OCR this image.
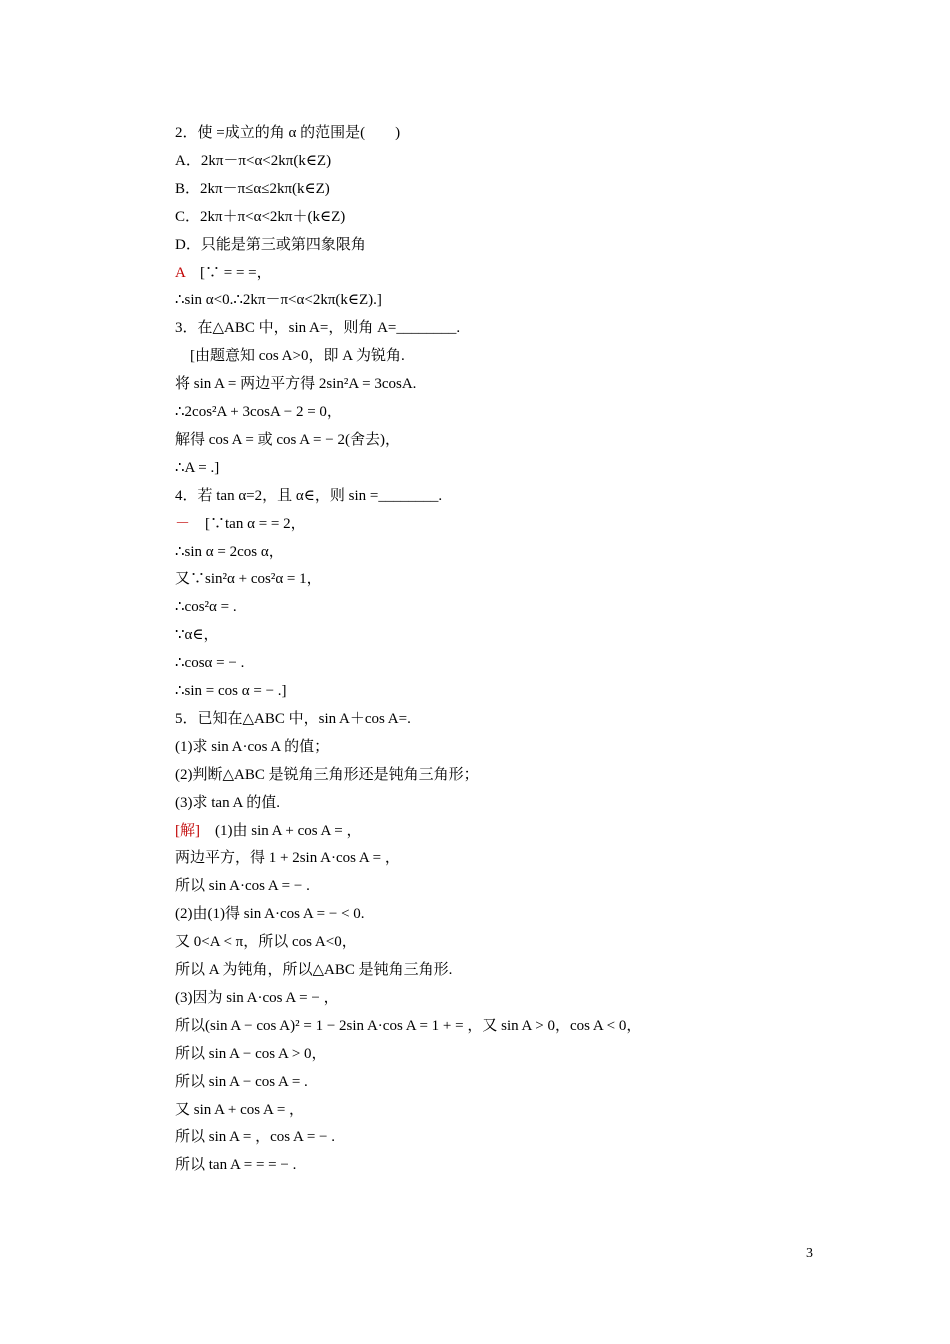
2．使 =成立的角 α 的范围是(　　)
A．2kπ－π<α<2kπ(k∈Z)
B．2kπ－π≤α≤2kπ(k∈Z)
C．2kπ＋π<α<2kπ＋(k∈Z)
D．只能是第三或第四象限角
A　[∵ = = =，
∴sin α<0.∴2kπ－π<α<2kπ(k∈Z).]
3．在△ABC 中，sin A=，则角 A=________.
　[由题意知 cos A>0，即 A 为锐角.
将 sin A = 两边平方得 2sin²A = 3cosA.
∴2cos²A + 3cosA − 2 = 0，
解得 cos A = 或 cos A = − 2(舍去)，
∴A = .]
4．若 tan α=2，且 α∈，则 sin =________.
－　[∵tan α = = 2，
∴sin α = 2cos α，
又∵sin²α + cos²α = 1，
∴cos²α = .
∵α∈，
∴cosα = − .
∴sin = cos α = − .]
5．已知在△ABC 中，sin A＋cos A=.
(1)求 sin A·cos A 的值；
(2)判断△ABC 是锐角三角形还是钝角三角形；
(3)求 tan A 的值.
[解]　(1)由 sin A + cos A = ，
两边平方，得 1 + 2sin A·cos A = ，
所以 sin A·cos A = − .
(2)由(1)得 sin A·cos A = − < 0.
又 0<A < π，所以 cos A<0，
所以 A 为钝角，所以△ABC 是钝角三角形.
(3)因为 sin A·cos A = − ，
所以(sin A − cos A)² = 1 − 2sin A·cos A = 1 + = ，又 sin A > 0，cos A < 0，
所以 sin A − cos A > 0，
所以 sin A − cos A = .
又 sin A + cos A = ，
所以 sin A = ，cos A = − .
所以 tan A = = = − .
3
